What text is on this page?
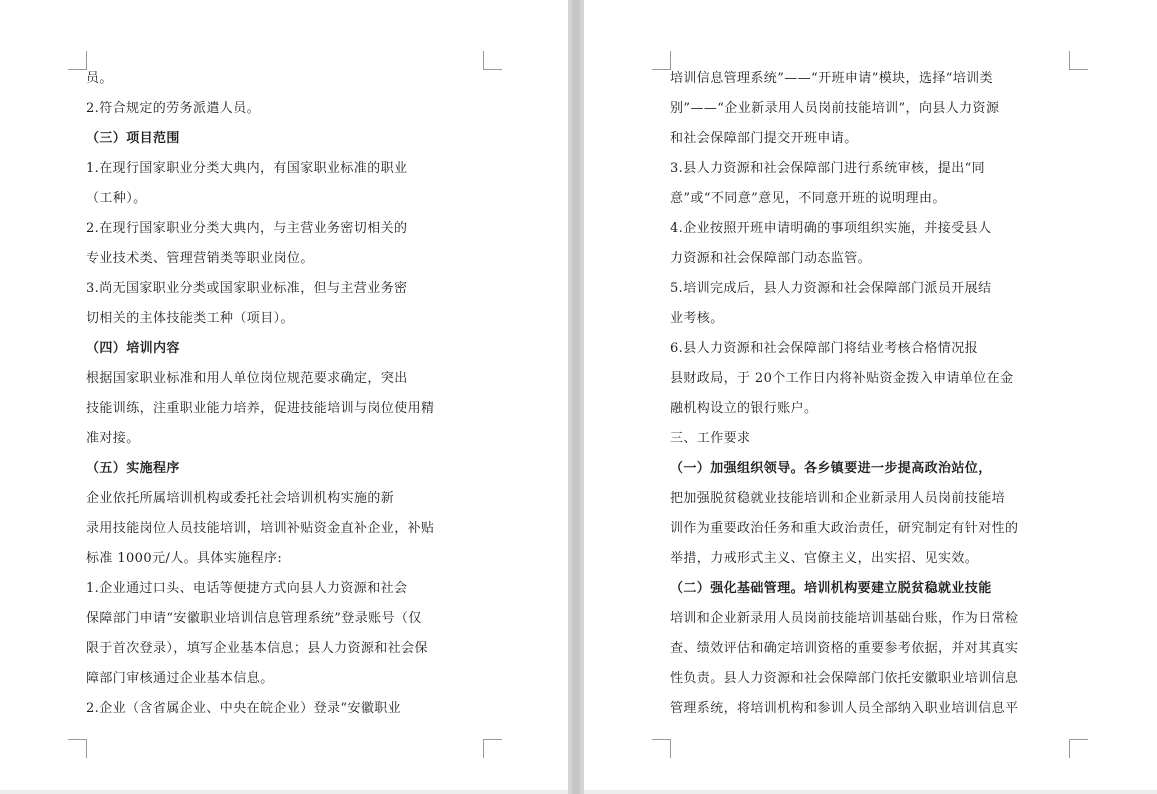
员。

2.符合规定的劳务派遣人员。

（三）项目范围

1.在现行国家职业分类大典内，有国家职业标准的职业

（工种）。

2.在现行国家职业分类大典内，与主营业务密切相关的

专业技术类、管理营销类等职业岗位。

3.尚无国家职业分类或国家职业标准，但与主营业务密

切相关的主体技能类工种（项目）。

（四）培训内容

根据国家职业标准和用人单位岗位规范要求确定，突出

技能训练，注重职业能力培养，促进技能培训与岗位使用精

准对接。

（五）实施程序

企业依托所属培训机构或委托社会培训机构实施的新

录用技能岗位人员技能培训，培训补贴资金直补企业，补贴

标准 1000元/人。具体实施程序:

1.企业通过口头、电话等便捷方式向县人力资源和社会

保障部门申请“安徽职业培训信息管理系统”登录账号（仅

限于首次登录），填写企业基本信息；县人力资源和社会保

障部门审核通过企业基本信息。

2.企业（含省属企业、中央在皖企业）登录“安徽职业

培训信息管理系统”——“开班申请”模块，选择“培训类

别”——“企业新录用人员岗前技能培训”，向县人力资源

和社会保障部门提交开班申请。

3.县人力资源和社会保障部门进行系统审核，提出“同

意”或“不同意”意见，不同意开班的说明理由。

4.企业按照开班申请明确的事项组织实施，并接受县人

力资源和社会保障部门动态监管。

5.培训完成后，县人力资源和社会保障部门派员开展结

业考核。

6.县人力资源和社会保障部门将结业考核合格情况报

县财政局，于 20个工作日内将补贴资金拨入申请单位在金

融机构设立的银行账户。

三、工作要求

（一）加强组织领导。各乡镇要进一步提高政治站位，

把加强脱贫稳就业技能培训和企业新录用人员岗前技能培

训作为重要政治任务和重大政治责任，研究制定有针对性的

举措，力戒形式主义、官僚主义，出实招、见实效。

（二）强化基础管理。培训机构要建立脱贫稳就业技能

培训和企业新录用人员岗前技能培训基础台账，作为日常检

查、绩效评估和确定培训资格的重要参考依据，并对其真实

性负责。县人力资源和社会保障部门依托安徽职业培训信息

管理系统，将培训机构和参训人员全部纳入职业培训信息平
